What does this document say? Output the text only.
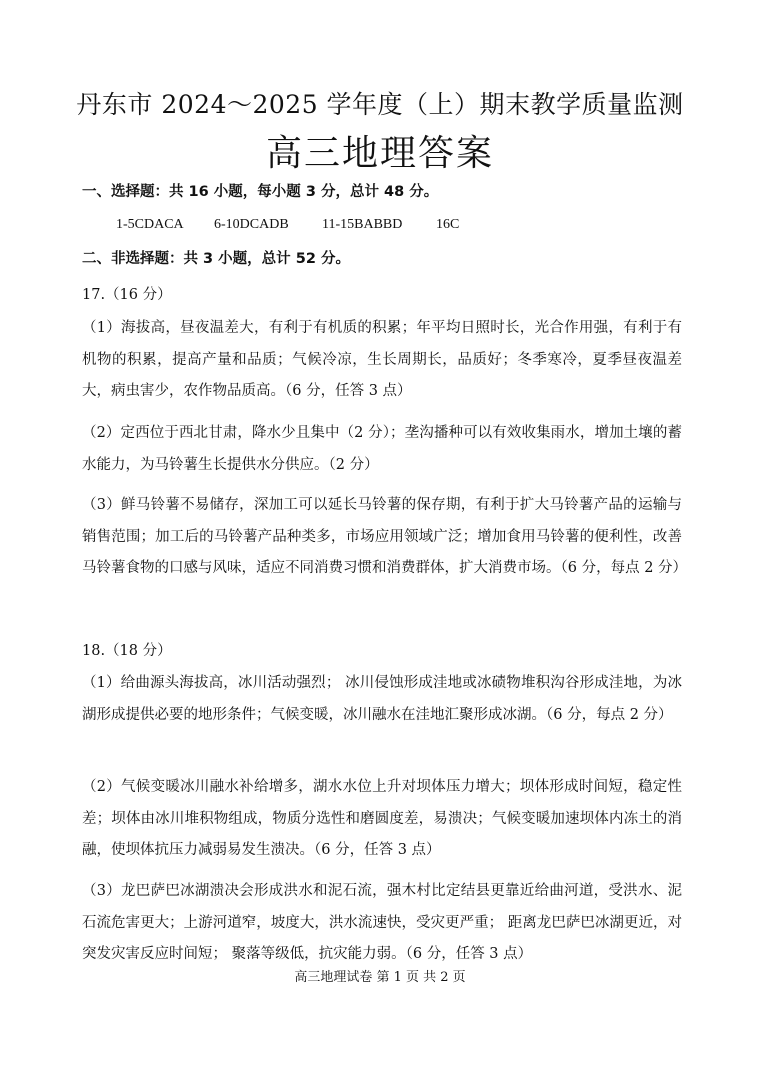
丹东市 2024～2025 学年度（上）期末教学质量监测
高三地理答案
一、选择题：共 16 小题，每小题 3 分，总计 48 分。
1-5CDACA 6-10DCADB 11-15BABBD 16C
二、非选择题：共 3 小题，总计 52 分。
17.（16 分）
（1）海拔高，昼夜温差大，有利于有机质的积累；年平均日照时长，光合作用强，有利于有机物的积累，提高产量和品质；气候冷凉，生长周期长，品质好；冬季寒冷，夏季昼夜温差大，病虫害少，农作物品质高。（6 分，任答 3 点）
（2）定西位于西北甘肃，降水少且集中（2 分）；垄沟播种可以有效收集雨水，增加土壤的蓄水能力，为马铃薯生长提供水分供应。（2 分）
（3）鲜马铃薯不易储存，深加工可以延长马铃薯的保存期，有利于扩大马铃薯产品的运输与销售范围；加工后的马铃薯产品种类多，市场应用领域广泛；增加食用马铃薯的便利性，改善马铃薯食物的口感与风味，适应不同消费习惯和消费群体，扩大消费市场。（6 分，每点 2 分）
18.（18 分）
（1）给曲源头海拔高，冰川活动强烈； 冰川侵蚀形成洼地或冰碛物堆积沟谷形成洼地，为冰湖形成提供必要的地形条件；气候变暖，冰川融水在洼地汇聚形成冰湖。（6 分，每点 2 分）
（2）气候变暖冰川融水补给增多，湖水水位上升对坝体压力增大；坝体形成时间短，稳定性差；坝体由冰川堆积物组成，物质分选性和磨圆度差，易溃决；气候变暖加速坝体内冻土的消融，使坝体抗压力减弱易发生溃决。（6 分，任答 3 点）
（3）龙巴萨巴冰湖溃决会形成洪水和泥石流，强木村比定结县更靠近给曲河道，受洪水、泥石流危害更大；上游河道窄，坡度大，洪水流速快，受灾更严重； 距离龙巴萨巴冰湖更近，对突发灾害反应时间短； 聚落等级低，抗灾能力弱。（6 分，任答 3 点）
高三地理试卷 第 1 页 共 2 页
